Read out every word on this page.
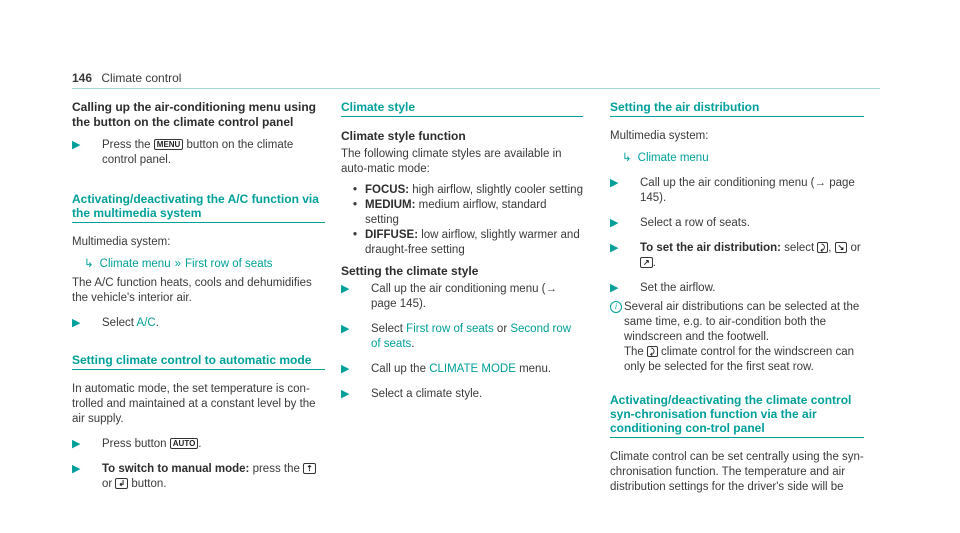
146 Climate control
Calling up the air-conditioning menu using the button on the climate control panel
▶ Press the MENU button on the climate control panel.
Activating/deactivating the A/C function via the multimedia system

Multimedia system:

↳ Climate menu » First row of seats

The A/C function heats, cools and dehumidifies the vehicle's interior air.

▶ Select A/C.
Setting climate control to automatic mode

In automatic mode, the set temperature is con-trolled and maintained at a constant level by the air supply.

▶ Press button AUTO .
▶ To switch to manual mode: press the ⇡ or ↲ button.
Climate style
Climate style function

The following climate styles are available in auto-matic mode:

• FOCUS: high airflow, slightly cooler setting
• MEDIUM: medium airflow, standard setting
• DIFFUSE: low airflow, slightly warmer and draught-free setting
Setting the climate style
▶ Call up the air conditioning menu (→ page 145).
▶ Select First row of seats or Second row of seats.
▶ Call up the CLIMATE MODE menu.
▶ Select a climate style.
Setting the air distribution

Multimedia system:

↳ Climate menu
▶ Call up the air conditioning menu (→ page 145).
▶ Select a row of seats.
▶ To set the air distribution: select ⤸ , ↘ or ↗ .
▶ Set the airflow.
i Several air distributions can be selected at the same time, e.g. to air-condition both the windscreen and the footwell.
The ⤸ climate control for the windscreen can only be selected for the first seat row.
Activating/deactivating the climate control syn-chronisation function via the air conditioning con-trol panel

Climate control can be set centrally using the syn-chronisation function. The temperature and air distribution settings for the driver's side will be
